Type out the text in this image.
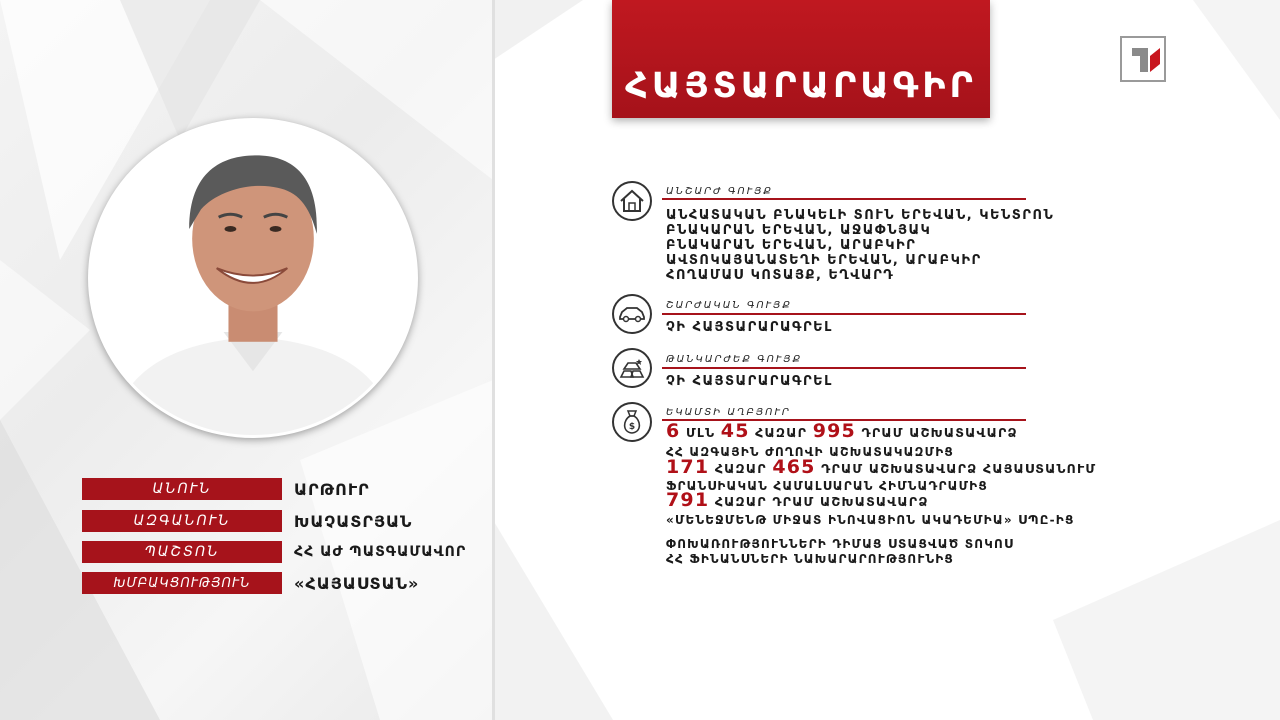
ԱՆՈՒՆ	ԱՐԹՈՒՐ
ԱԶԳԱՆՈՒՆ	ԽԱՉԱՏՐՅԱՆ
ՊԱՇՏՈՆ	ՀՀ ԱԺ ՊԱՏԳԱՄԱՎՈՐ
ԽՄԲԱԿՑՈՒԹՅՈՒՆ	«ՀԱՅԱՍՏԱՆ»
ՀԱՅՏԱՐԱՐԱԳԻՐ
ԱՆՇԱՐԺ ԳՈՒՅՔ
ԱՆՀԱՏԱԿԱՆ ԲՆԱԿԵԼԻ ՏՈՒՆ ԵՐԵՎԱՆ, ԿԵՆՏՐՈՆ
ԲՆԱԿԱՐԱՆ ԵՐԵՎԱՆ, ԱՋԱՓՆՅԱԿ
ԲՆԱԿԱՐԱՆ ԵՐԵՎԱՆ, ԱՐԱԲԿԻՐ
ԱՎՏՈԿԱՅԱՆԱՏԵՂԻ ԵՐԵՎԱՆ, ԱՐԱԲԿԻՐ
ՀՈՂԱՄԱՍ ԿՈՏԱՅՔ, ԵՂՎԱՐԴ
ՇԱՐԺԱԿԱՆ ԳՈՒՅՔ
ՉԻ ՀԱՅՏԱՐԱՐԱԳՐԵԼ
ԹԱՆԿԱՐԺԵՔ ԳՈՒՅՔ
ՉԻ ՀԱՅՏԱՐԱՐԱԳՐԵԼ
$
ԵԿԱՄՏԻ ԱՂԲՅՈՒՐ
6 ՄԼՆ 45 ՀԱԶԱՐ 995 ԴՐԱՄ ԱՇԽԱՏԱՎԱՐՁ
ՀՀ ԱԶԳԱՅԻՆ ԺՈՂՈՎԻ ԱՇԽԱՏԱԿԱԶՄԻՑ
171 ՀԱԶԱՐ 465 ԴՐԱՄ ԱՇԽԱՏԱՎԱՐՁ ՀԱՅԱՍՏԱՆՈՒՄ
ՖՐԱՆՍԻԱԿԱՆ ՀԱՄԱԼՍԱՐԱՆ ՀԻՄՆԱԴՐԱՄԻՑ
791 ՀԱԶԱՐ ԴՐԱՄ ԱՇԽԱՏԱՎԱՐՁ
«ՄԵՆԵՋՄԵՆԹ ՄԻՋԱՏ ԻՆՈՎԱՑԻՈՆ ԱԿԱԴԵՄԻԱ» ՍՊԸ-ԻՑ
ՓՈԽԱՌՈՒԹՅՈՒՆՆԵՐԻ ԴԻՄԱՑ ՍՏԱՑՎԱԾ ՏՈԿՈՍ
ՀՀ ՖԻՆԱՆՍՆԵՐԻ ՆԱԽԱՐԱՐՈՒԹՅՈՒՆԻՑ
